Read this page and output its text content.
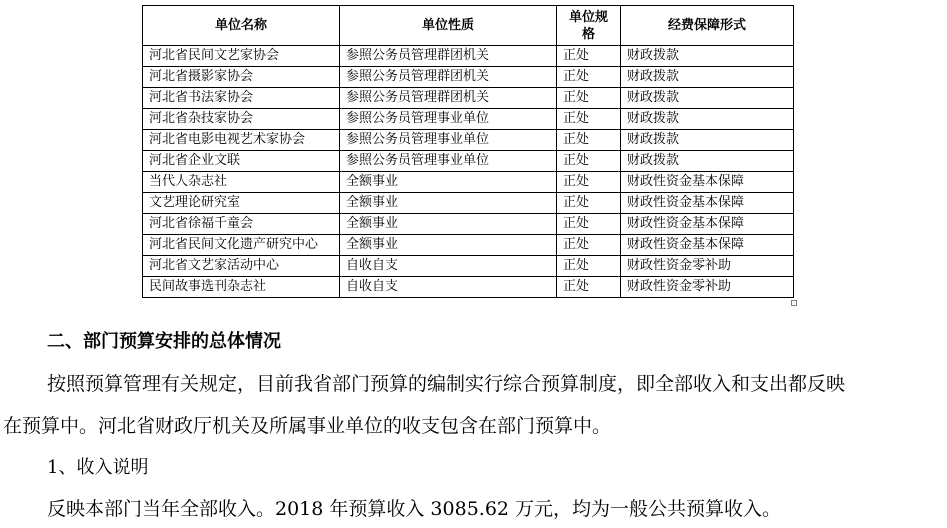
单位名称	单位性质	单位规格	经费保障形式
河北省民间文艺家协会	参照公务员管理群团机关	正处	财政拨款
河北省摄影家协会	参照公务员管理群团机关	正处	财政拨款
河北省书法家协会	参照公务员管理群团机关	正处	财政拨款
河北省杂技家协会	参照公务员管理事业单位	正处	财政拨款
河北省电影电视艺术家协会	参照公务员管理事业单位	正处	财政拨款
河北省企业文联	参照公务员管理事业单位	正处	财政拨款
当代人杂志社	全额事业	正处	财政性资金基本保障
文艺理论研究室	全额事业	正处	财政性资金基本保障
河北省徐福千童会	全额事业	正处	财政性资金基本保障
河北省民间文化遗产研究中心	全额事业	正处	财政性资金基本保障
河北省文艺家活动中心	自收自支	正处	财政性资金零补助
民间故事选刊杂志社	自收自支	正处	财政性资金零补助
二、部门预算安排的总体情况
按照预算管理有关规定，目前我省部门预算的编制实行综合预算制度，即全部收入和支出都反映
在预算中。河北省财政厅机关及所属事业单位的收支包含在部门预算中。
1、收入说明
反映本部门当年全部收入。2018 年预算收入 3085.62 万元，均为一般公共预算收入。
